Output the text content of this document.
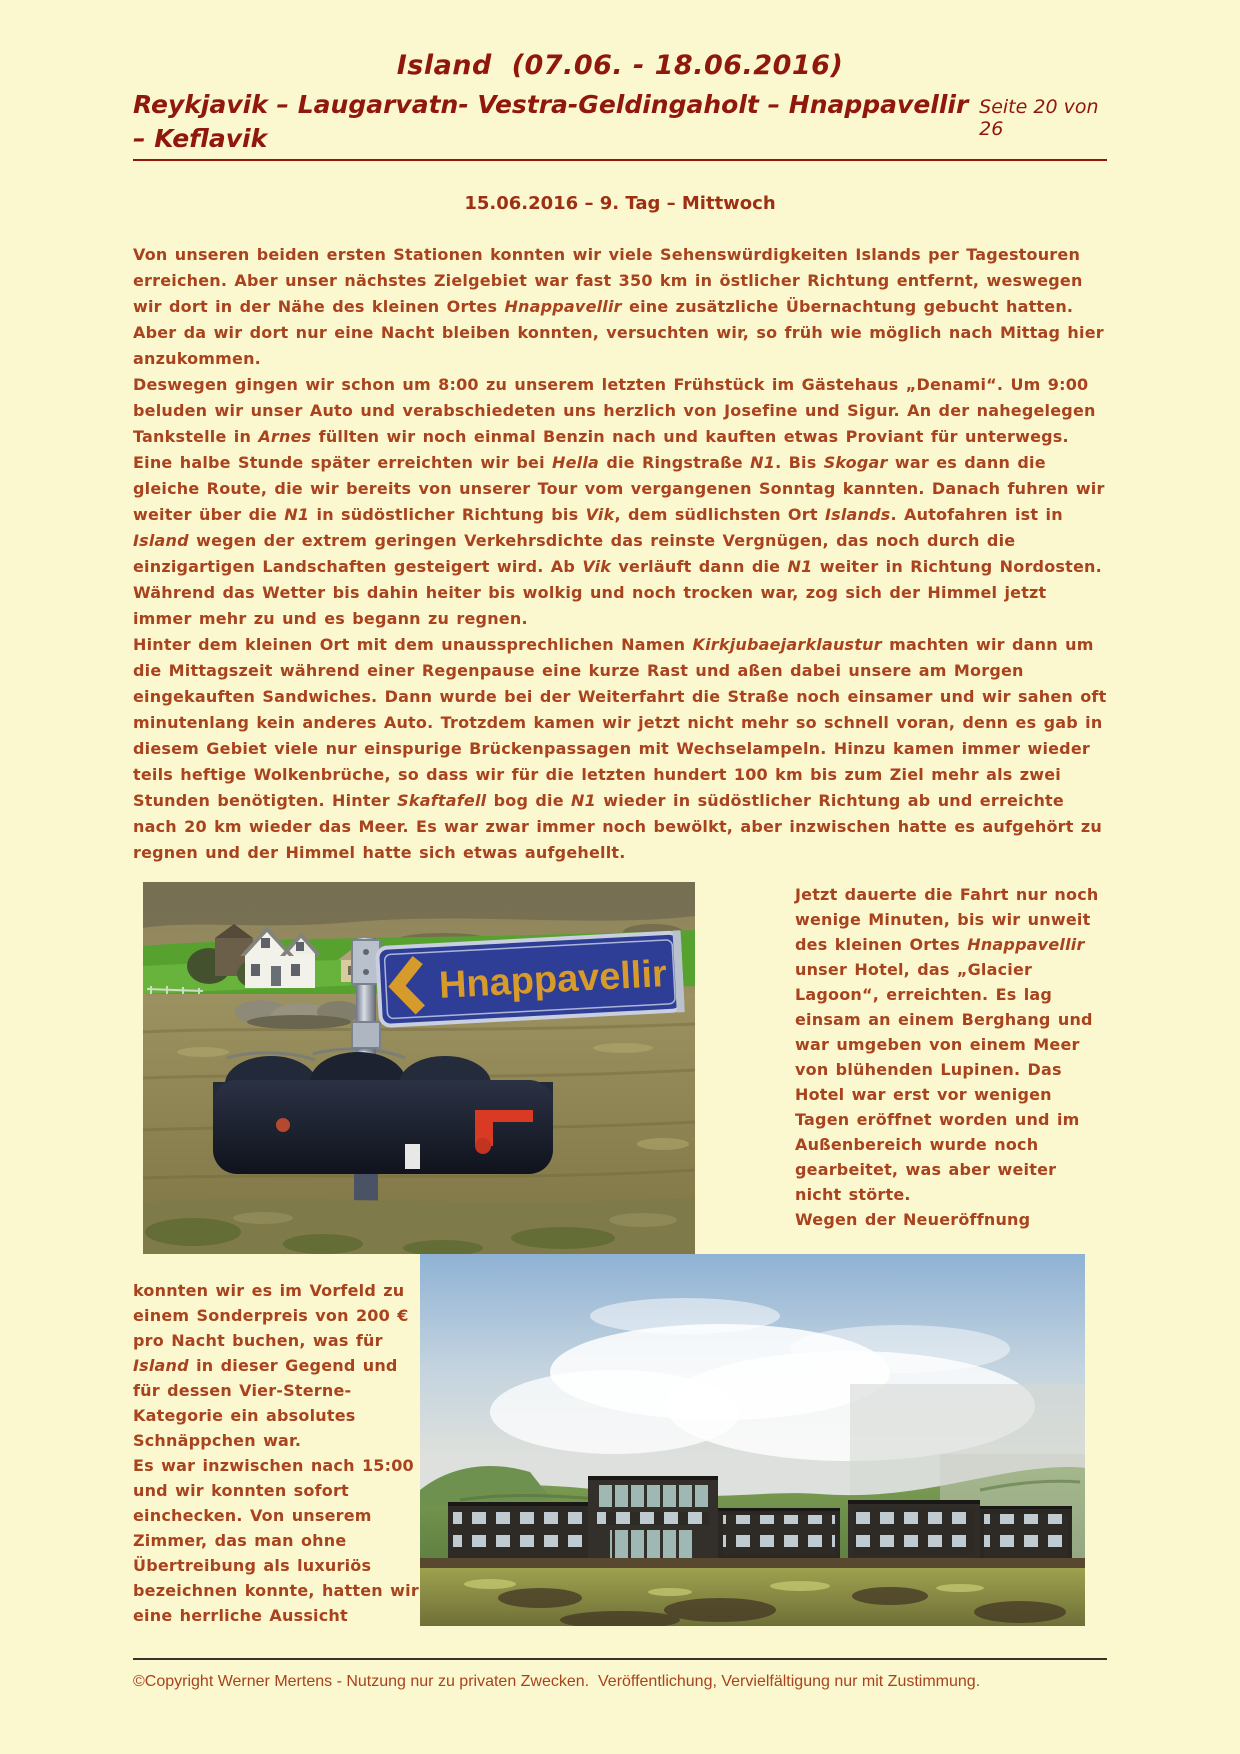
Island  (07.06. - 18.06.2016)
Reykjavik – Laugarvatn- Vestra-Geldingaholt – Hnappavellir – Keflavik
Seite 20 von 26
15.06.2016 – 9. Tag – Mittwoch

Von unseren beiden ersten Stationen konnten wir viele Sehenswürdigkeiten Islands per Tagestouren erreichen. Aber unser nächstes Zielgebiet war fast 350 km in östlicher Richtung entfernt, weswegen wir dort in der Nähe des kleinen Ortes Hnappavellir eine zusätzliche Übernachtung gebucht hatten. Aber da wir dort nur eine Nacht bleiben konnten, versuchten wir, so früh wie möglich nach Mittag hier anzukommen.

Deswegen gingen wir schon um 8:00 zu unserem letzten Frühstück im Gästehaus „Denami“. Um 9:00 beluden wir unser Auto und verabschiedeten uns herzlich von Josefine und Sigur. An der nahegelegen Tankstelle in Arnes füllten wir noch einmal Benzin nach und kauften etwas Proviant für unterwegs.

Eine halbe Stunde später erreichten wir bei Hella die Ringstraße N1. Bis Skogar war es dann die gleiche Route, die wir bereits von unserer Tour vom vergangenen Sonntag kannten. Danach fuhren wir weiter über die N1 in südöstlicher Richtung bis Vik, dem südlichsten Ort Islands. Autofahren ist in Island wegen der extrem geringen Verkehrsdichte das reinste Vergnügen, das noch durch die einzigartigen Landschaften gesteigert wird. Ab Vik verläuft dann die N1 weiter in Richtung Nordosten. Während das Wetter bis dahin heiter bis wolkig und noch trocken war, zog sich der Himmel jetzt immer mehr zu und es begann zu regnen.

Hinter dem kleinen Ort mit dem unaussprechlichen Namen Kirkjubaejarklaustur machten wir dann um die Mittagszeit während einer Regenpause eine kurze Rast und aßen dabei unsere am Morgen eingekauften Sandwiches. Dann wurde bei der Weiterfahrt die Straße noch einsamer und wir sahen oft minutenlang kein anderes Auto. Trotzdem kamen wir jetzt nicht mehr so schnell voran, denn es gab in diesem Gebiet viele nur einspurige Brückenpassagen mit Wechselampeln. Hinzu kamen immer wieder teils heftige Wolkenbrüche, so dass wir für die letzten hundert 100 km bis zum Ziel mehr als zwei Stunden benötigten. Hinter Skaftafell bog die N1 wieder in südöstlicher Richtung ab und erreichte nach 20 km wieder das Meer. Es war zwar immer noch bewölkt, aber inzwischen hatte es aufgehört zu regnen und der Himmel hatte sich etwas aufgehellt.

Hnappavellir

Jetzt dauerte die Fahrt nur noch wenige Minuten, bis wir unweit des kleinen Ortes Hnappavellir unser Hotel, das „Glacier Lagoon“, erreichten. Es lag einsam an einem Berghang und war umgeben von einem Meer von blühenden Lupinen. Das Hotel war erst vor wenigen Tagen eröffnet worden und im Außenbereich wurde noch gearbeitet, was aber weiter nicht störte.

Wegen der Neueröffnung

konnten wir es im Vorfeld zu einem Sonderpreis von 200 € pro Nacht buchen, was für Island in dieser Gegend und für dessen Vier-Sterne-Kategorie ein absolutes Schnäppchen war.

Es war inzwischen nach 15:00 und wir konnten sofort einchecken. Von unserem Zimmer, das man ohne Übertreibung als luxuriös bezeichnen konnte, hatten wir eine herrliche Aussicht

©Copyright Werner Mertens - Nutzung nur zu privaten Zwecken.  Veröffentlichung, Vervielfältigung nur mit Zustimmung.
